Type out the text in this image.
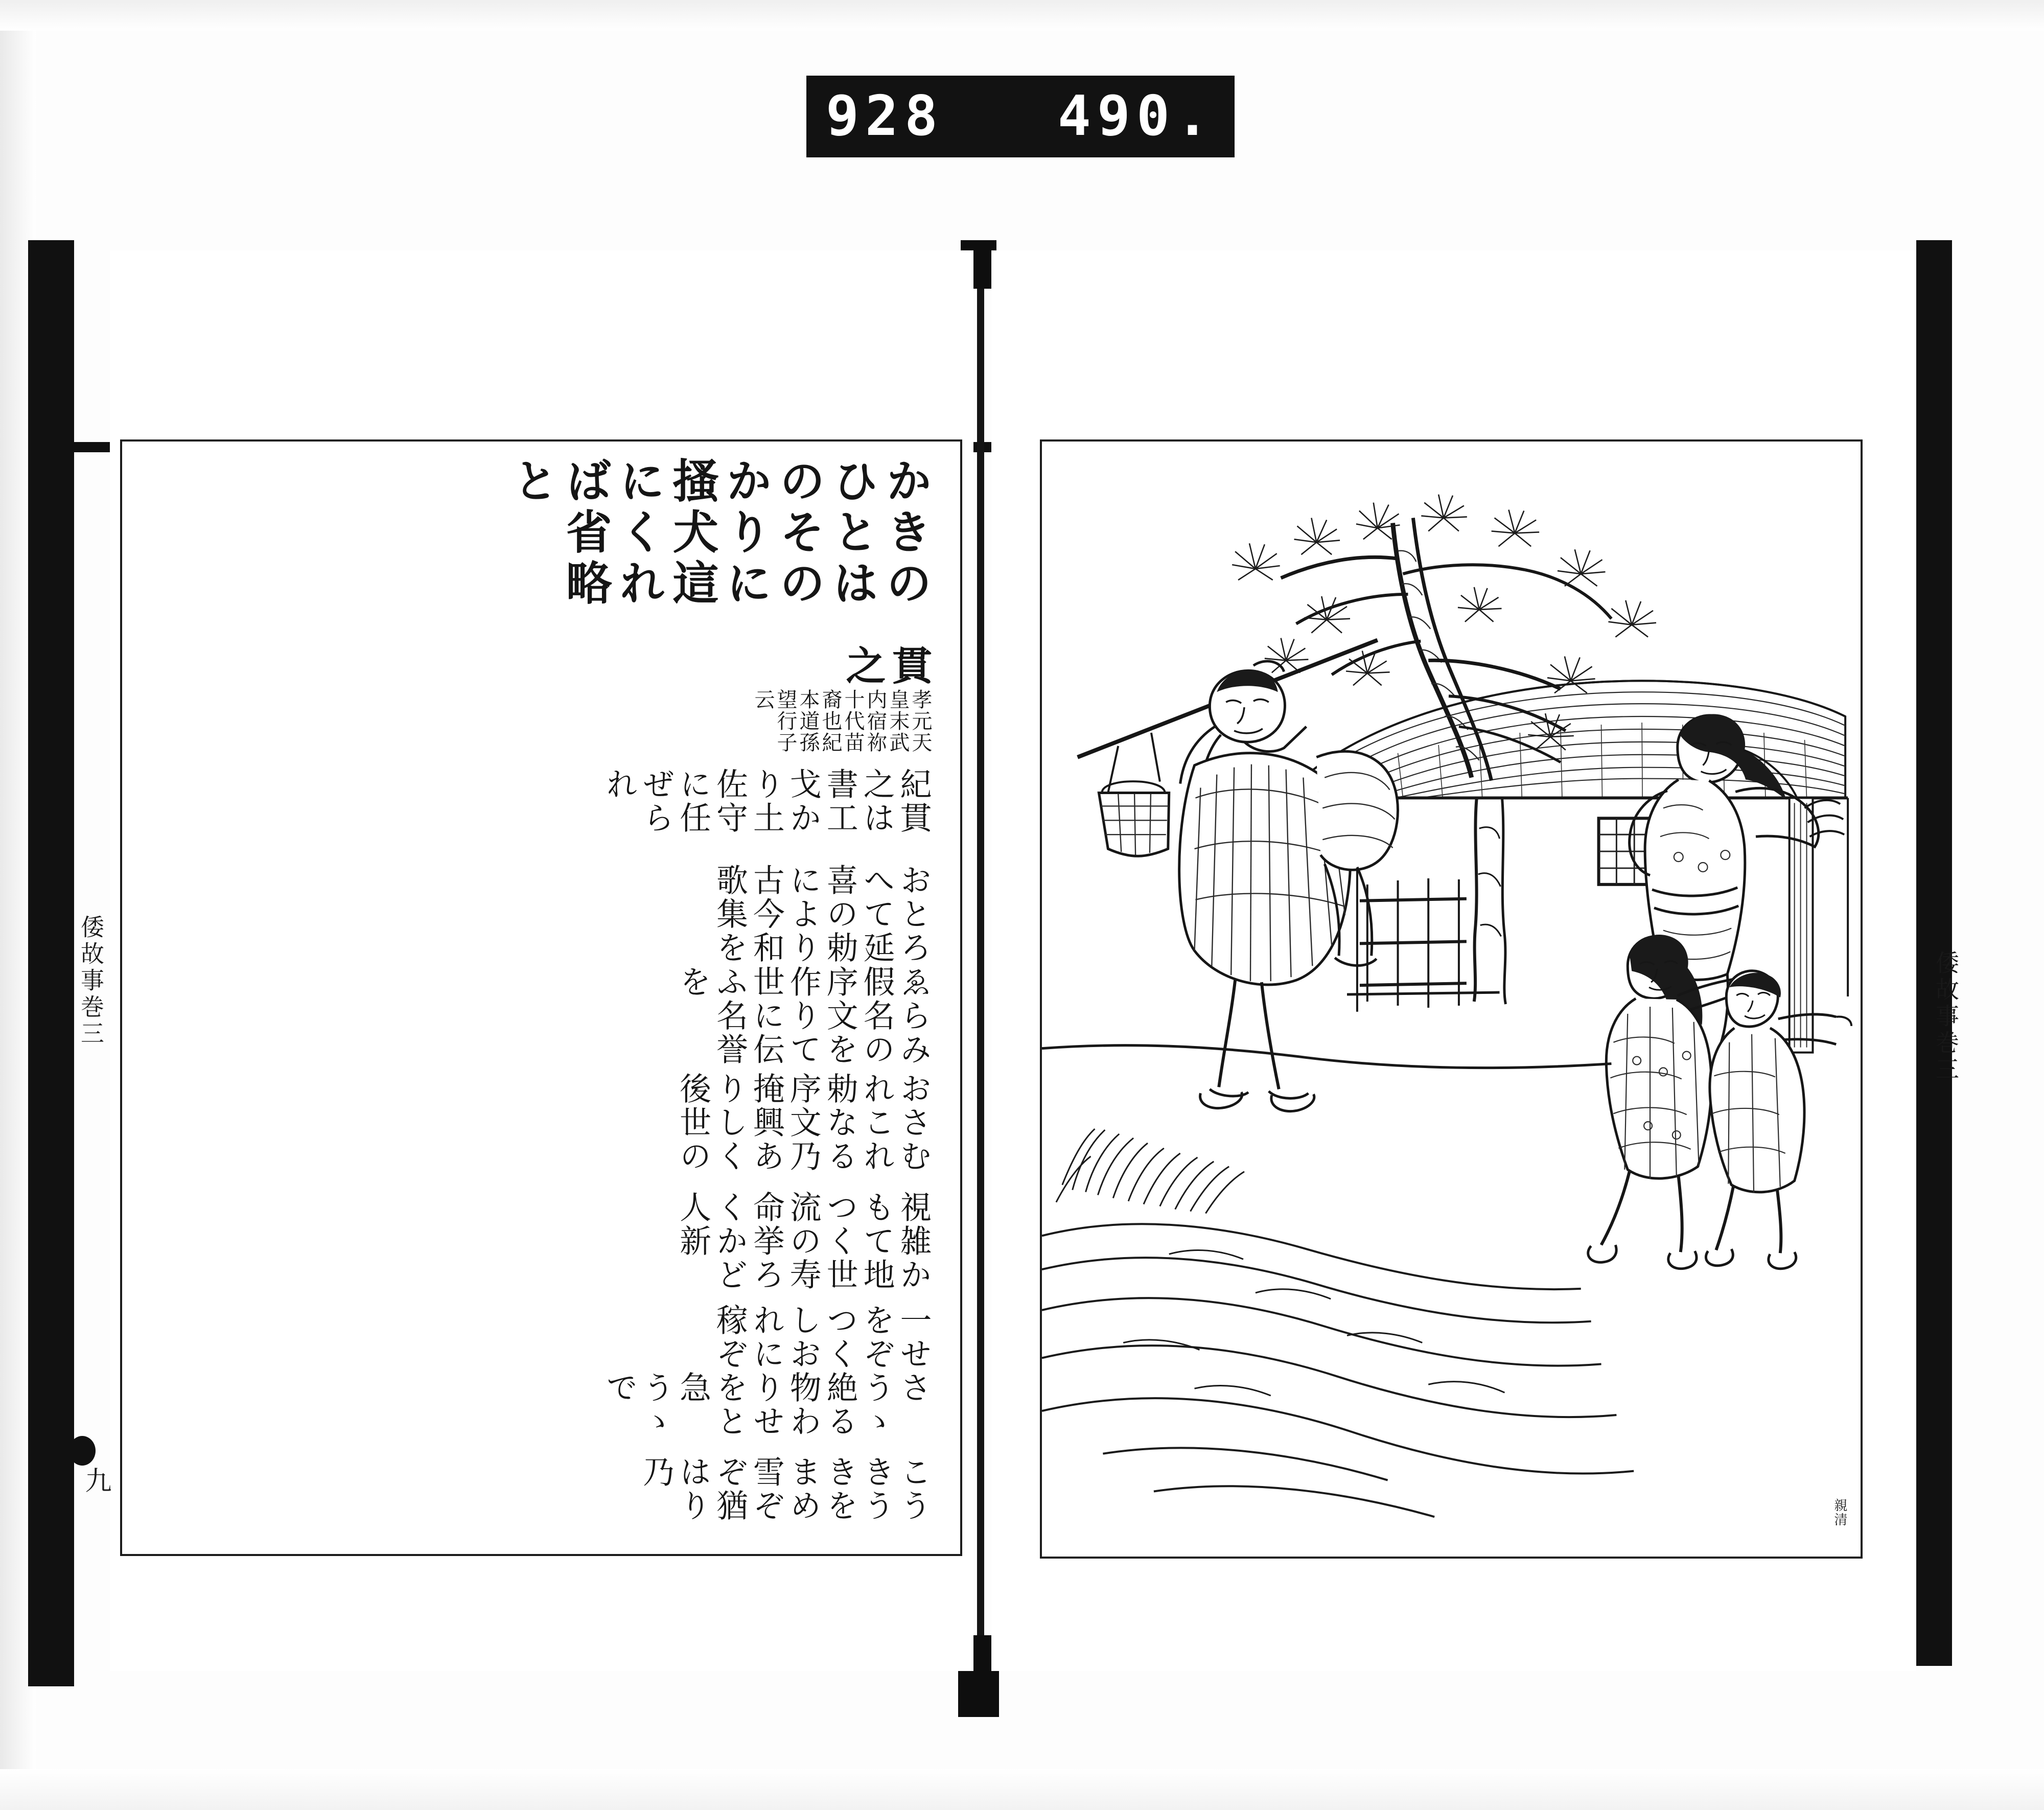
928 490.
かきのひとはのそのかりに搔犬這にくれば省略と
貫之
孝元天皇末武内宿祢十代苗裔也紀本道孫望行子云
紀貫之は書工戈かり土佐守に任ぜられ
おとろへて延喜の勅により古今和歌集を
ゑらみ假名の序文を作りて世に伝ふ名誉を
おさむれこれ勅なる序文乃掩興ありしく後世の
視雑かもて地つく世流の寿命挙ろくかど人新
一せをぞつくしおれに稼ぞ
さうゝ絶る物わりせをと急うゝで
こうきうきをまめ雪ぞぞ猶はり乃
親清
倭故事巻三	倭故事巻三
九
